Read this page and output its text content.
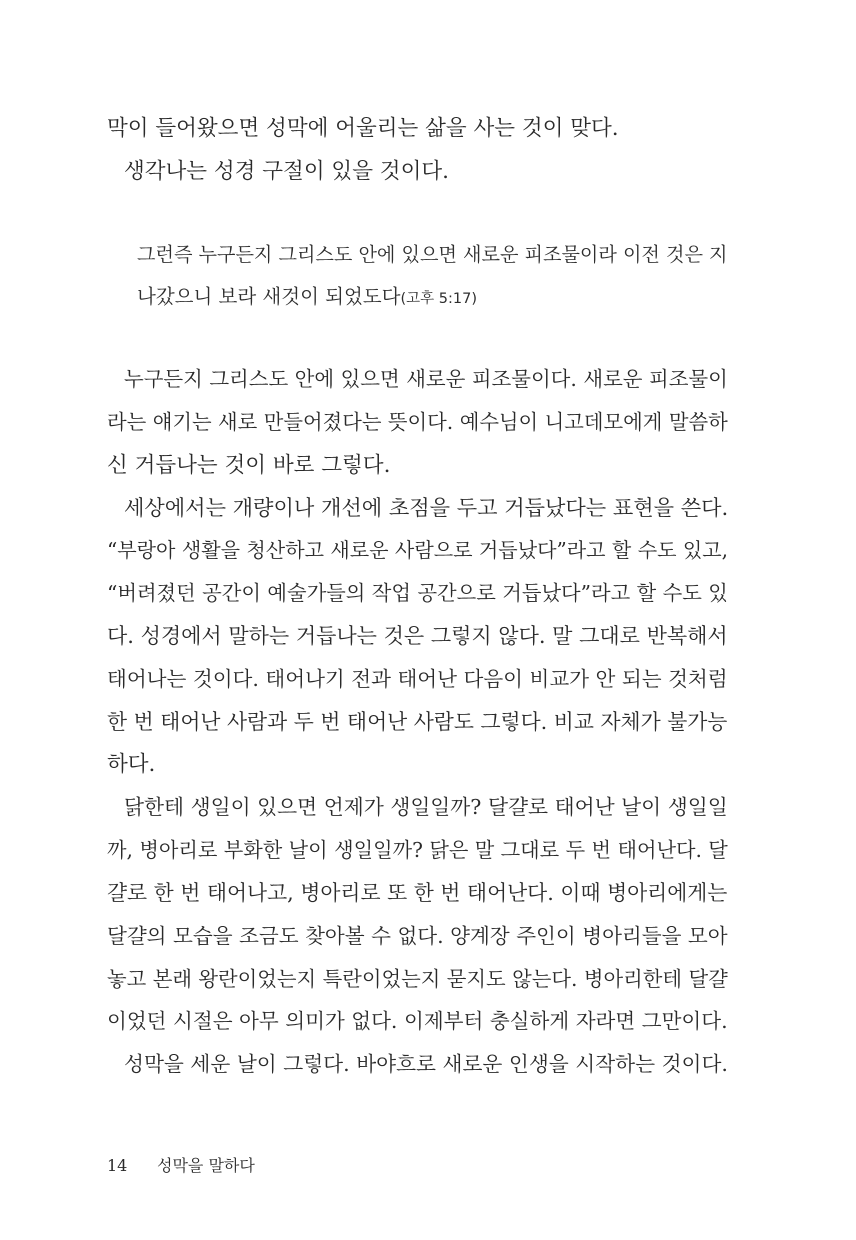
막이 들어왔으면 성막에 어울리는 삶을 사는 것이 맞다.
생각나는 성경 구절이 있을 것이다.
그런즉 누구든지 그리스도 안에 있으면 새로운 피조물이라 이전 것은 지
나갔으니 보라 새것이 되었도다(고후 5:17)
누구든지 그리스도 안에 있으면 새로운 피조물이다. 새로운 피조물이
라는 얘기는 새로 만들어졌다는 뜻이다. 예수님이 니고데모에게 말씀하
신 거듭나는 것이 바로 그렇다.
세상에서는 개량이나 개선에 초점을 두고 거듭났다는 표현을 쓴다.
“부랑아 생활을 청산하고 새로운 사람으로 거듭났다”라고 할 수도 있고,
“버려졌던 공간이 예술가들의 작업 공간으로 거듭났다”라고 할 수도 있
다. 성경에서 말하는 거듭나는 것은 그렇지 않다. 말 그대로 반복해서
태어나는 것이다. 태어나기 전과 태어난 다음이 비교가 안 되는 것처럼
한 번 태어난 사람과 두 번 태어난 사람도 그렇다. 비교 자체가 불가능
하다.
닭한테 생일이 있으면 언제가 생일일까? 달걀로 태어난 날이 생일일
까, 병아리로 부화한 날이 생일일까? 닭은 말 그대로 두 번 태어난다. 달
걀로 한 번 태어나고, 병아리로 또 한 번 태어난다. 이때 병아리에게는
달걀의 모습을 조금도 찾아볼 수 없다. 양계장 주인이 병아리들을 모아
놓고 본래 왕란이었는지 특란이었는지 묻지도 않는다. 병아리한테 달걀
이었던 시절은 아무 의미가 없다. 이제부터 충실하게 자라면 그만이다.
성막을 세운 날이 그렇다. 바야흐로 새로운 인생을 시작하는 것이다.
14 성막을 말하다
